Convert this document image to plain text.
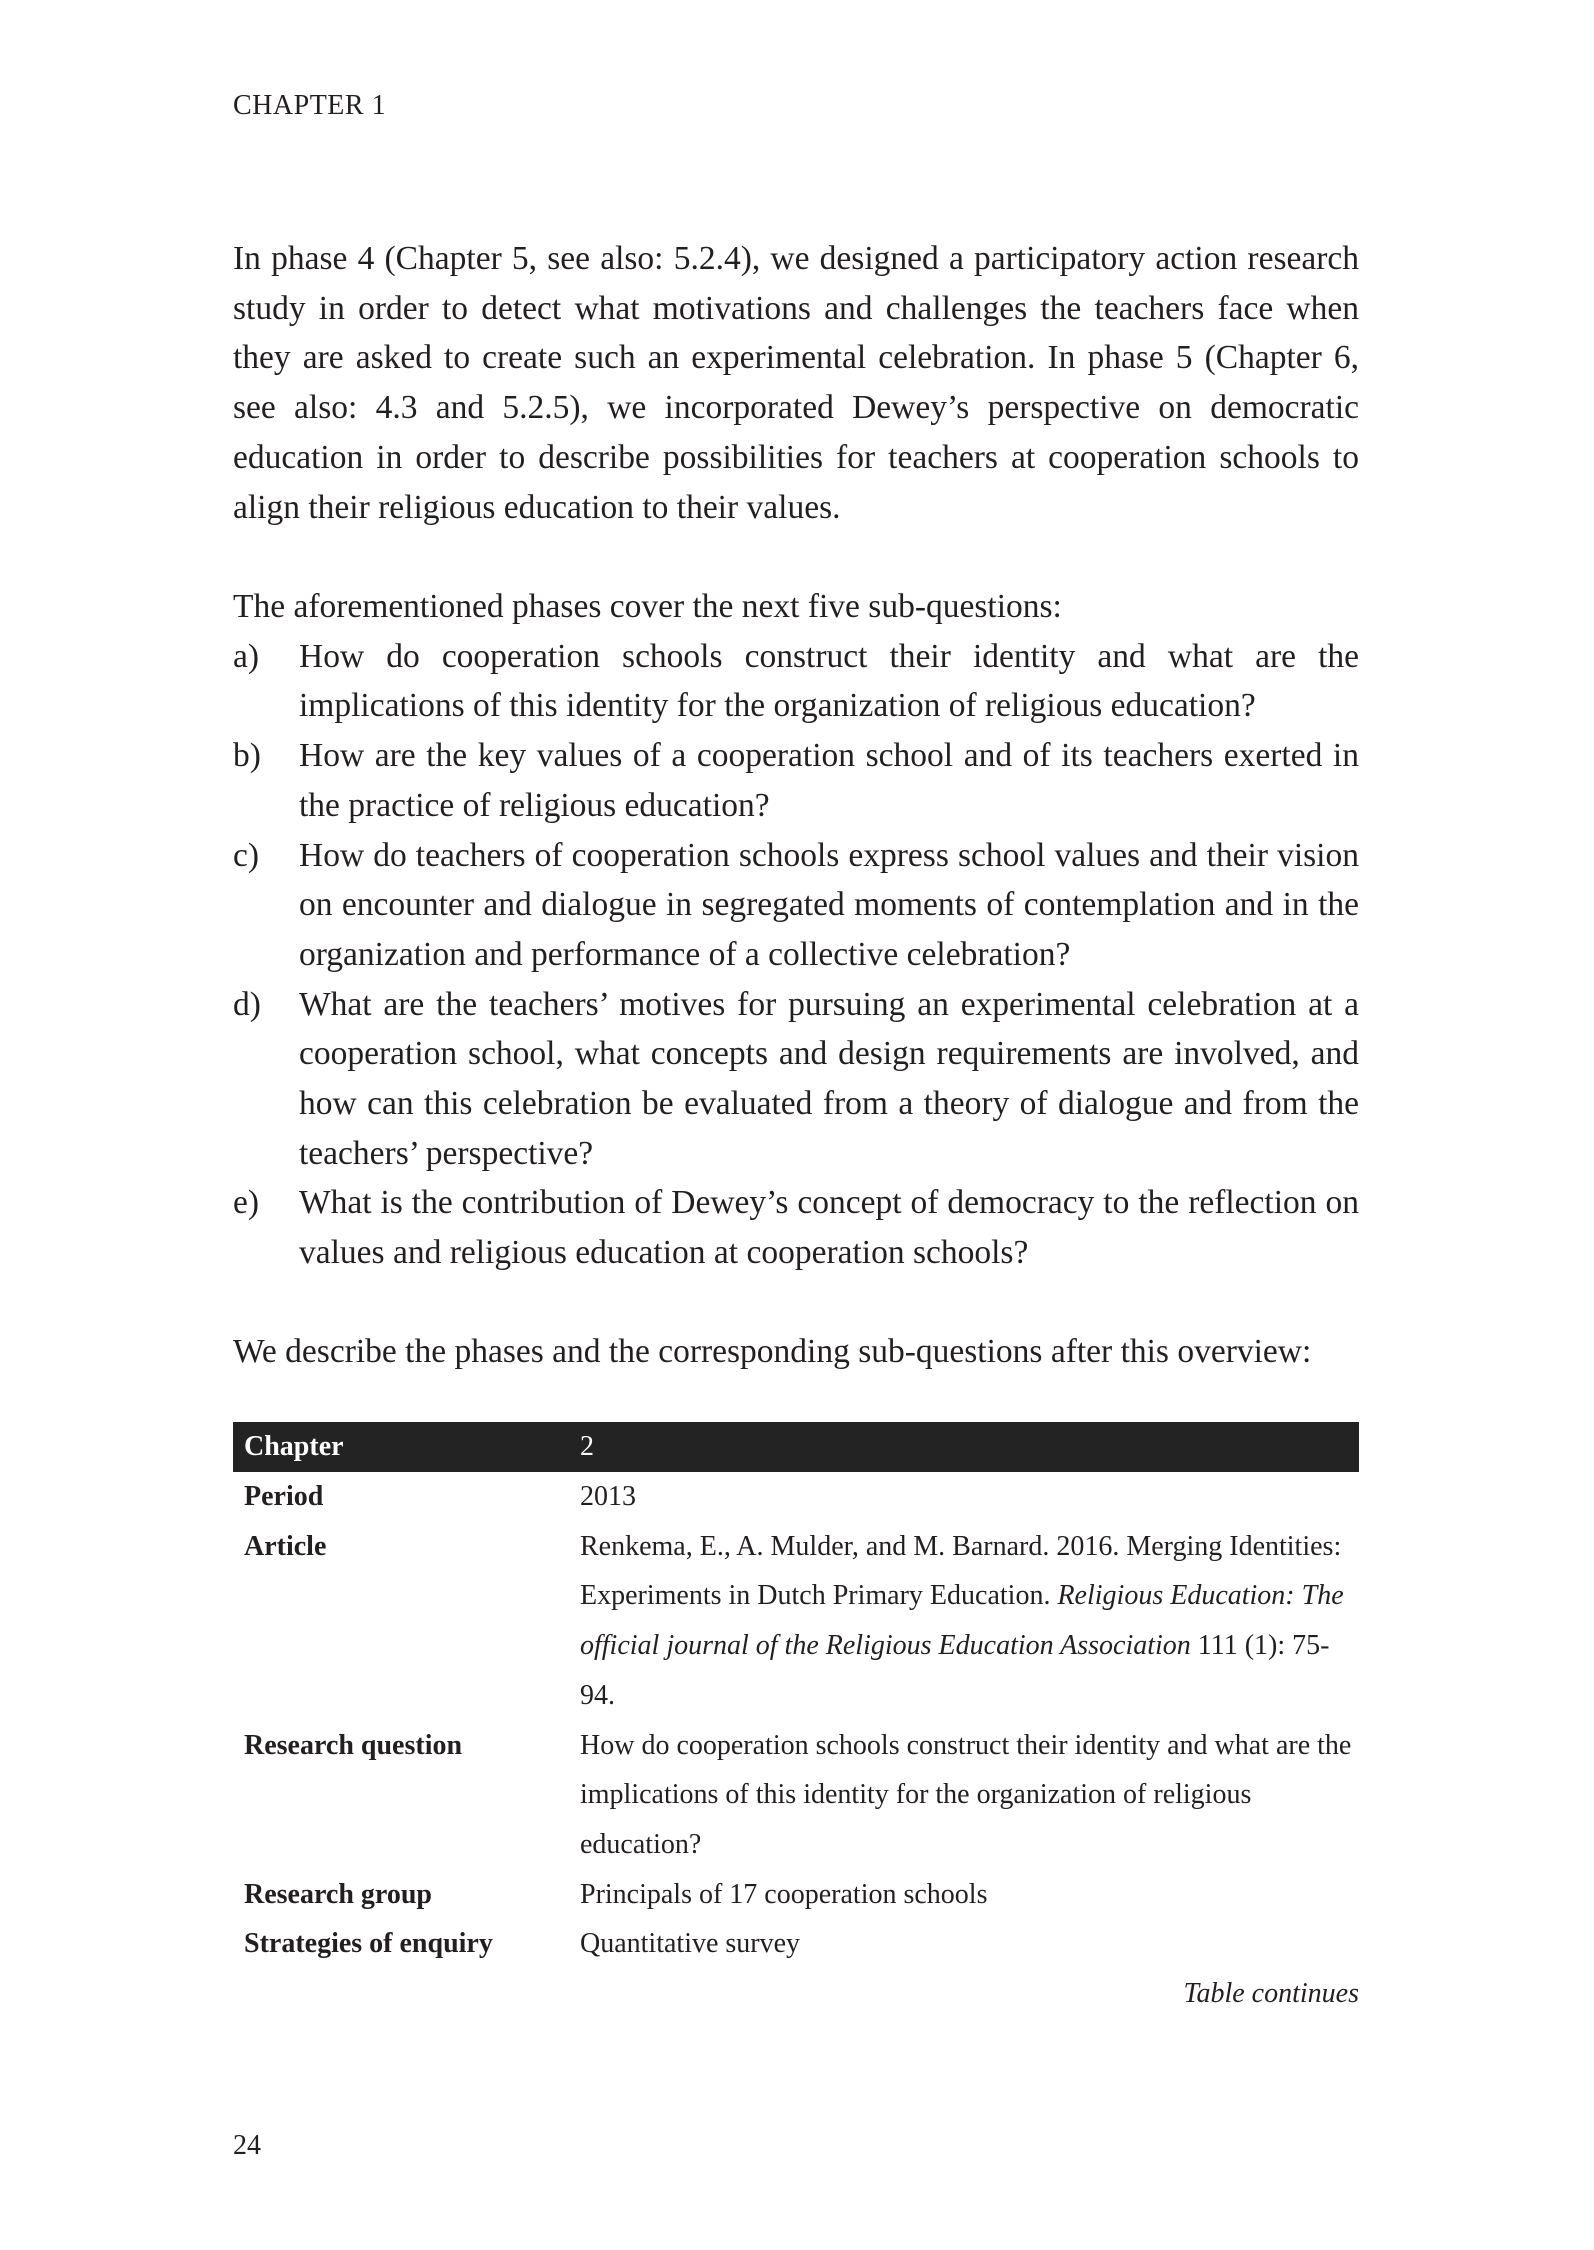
CHAPTER 1

In phase 4 (Chapter 5, see also: 5.2.4), we designed a participatory action research study in order to detect what motivations and challenges the teachers face when they are asked to create such an experimental celebration. In phase 5 (Chapter 6, see also: 4.3 and 5.2.5), we incorporated Dewey’s perspective on democratic education in order to describe possibilities for teachers at cooperation schools to align their religious education to their values.

The aforementioned phases cover the next five sub-questions:

a) How do cooperation schools construct their identity and what are the implications of this identity for the organization of religious education?
b) How are the key values of a cooperation school and of its teachers exerted in the practice of religious education?
c) How do teachers of cooperation schools express school values and their vision on encounter and dialogue in segregated moments of contemplation and in the organization and performance of a collective celebration?
d) What are the teachers’ motives for pursuing an experimental celebration at a cooperation school, what concepts and design requirements are involved, and how can this celebration be evaluated from a theory of dialogue and from the teachers’ perspective?
e) What is the contribution of Dewey’s concept of democracy to the reflection on values and religious education at cooperation schools?

We describe the phases and the corresponding sub-questions after this overview:

Chapter	2
Period	2013
Article	Renkema, E., A. Mulder, and M. Barnard. 2016. Merging Identities: Experiments in Dutch Primary Education. Religious Education: The official journal of the Religious Education Association 111 (1): 75-94.
Research question	How do cooperation schools construct their identity and what are the implications of this identity for the organization of religious education?
Research group	Principals of 17 cooperation schools
Strategies of enquiry	Quantitative survey
Table continues
24
